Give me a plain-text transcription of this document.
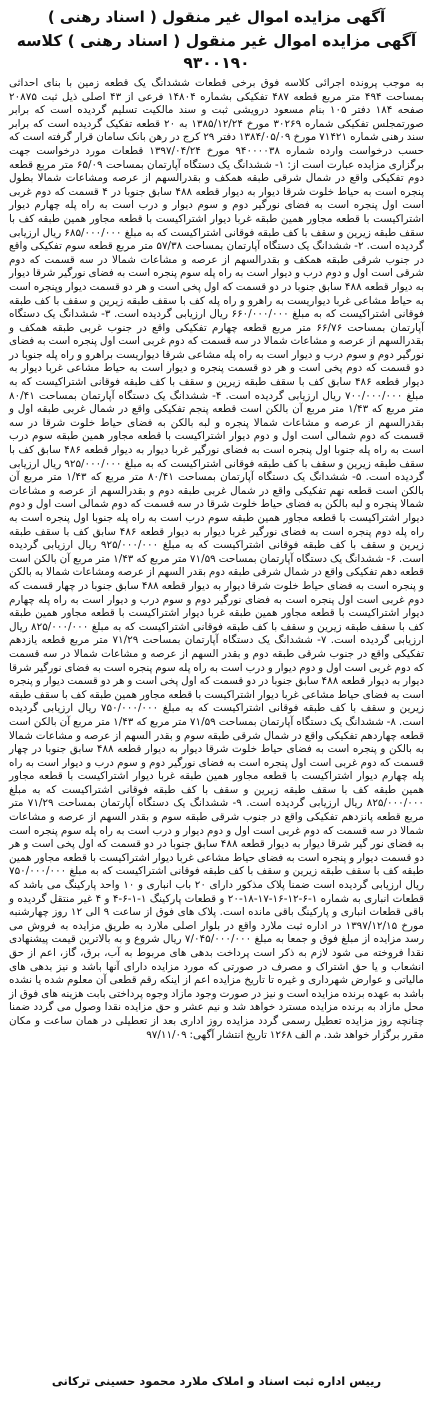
آگهی مزایده اموال غیر منقول ( اسناد رهنی )
آگهی مزایده اموال غیر منقول ( اسناد رهنی ) کلاسه ۹۳۰۰۱۹۰
به موجب پرونده اجرائی کلاسه فوق برخی قطعات ششدانگ یک قطعه زمین با بنای احداثی بمساحت ۴۹۴ متر مربع قطعه ۴۸۷ تفکیکی بشماره ۱۴۸۰۴ فرعی از ۴۳ اصلی ذیل ثبت ۲۰۸۷۵ صفحه ۱۸۴ دفتر ۱۰۵ بنام مسعود درویشی ثبت و سند مالکیت تسلیم گردیده است که برابر صورتمجلس تفکیکی شماره ۳۰۲۶۹ مورخ ۱۳۸۵/۱۲/۲۴ به ۲۰ قطعه تفکیک گردیده است که برابر سند رهنی شماره ۷۱۴۲۱ مورخ ۱۳۸۴/۰۵/۰۹ دفتر ۲۹ کرج در رهن بانک سامان قرار گرفته است که حسب درخواست وارده شماره ۹۴۰۰۰۰۳۸ مورخ ۱۳۹۷/۰۴/۲۴ قطعات مورد درخواست جهت برگزاری مزایده عبارت است از: ۱- ششدانگ یک دستگاه آپارتمان بمساحت ۶۵/۰۹ متر مربع قطعه دوم تفکیکی واقع در شمال شرقی طبقه همکف و بقدرالسهم از عرصه ومشاعات شمالا بطول پنجره است به حیاط خلوت شرقا دیوار به دیوار قطعه ۴۸۸ سابق جنوبا در ۴ قسمت که دوم غربی است اول پنجره است به فضای نورگیر دوم و سوم دیوار و درب است به راه پله چهارم دیوار اشتراکیست با قطعه مجاور همین طبقه غربا دیوار اشتراکیست با قطعه مجاور همین طبقه کف با سقف طبقه زیرین و سقف با کف طبقه فوقانی اشتراکیست که به مبلغ ۶۸۵/۰۰۰/۰۰۰ ریال ارزیابی گردیده است. ۲- ششدانگ یک دستگاه آپارتمان بمساحت ۵۷/۳۸ متر مربع قطعه سوم تفکیکی واقع در جنوب شرقی طبقه همکف و بقدرالسهم از عرصه و مشاعات شمالا در سه قسمت که دوم شرقی است اول و دوم درب و دیوار است به راه پله سوم پنجره است به فضای نورگیر شرقا دیوار به دیوار قطعه ۴۸۸ سابق جنوبا در دو قسمت که اول پخی است و هر دو قسمت دیوار وپنجره است به حیاط مشاعی غربا دیواریست به راهرو و راه پله کف با سقف طبقه زیرین و سقف با کف طبقه فوقانی اشتراکیست که به مبلغ ۶۶۰/۰۰۰/۰۰۰ ریال ارزیابی گردیده است. ۳- ششدانگ یک دستگاه آپارتمان بمساحت ۶۶/۷۶ متر مربع قطعه چهارم تفکیکی واقع در جنوب غربی طبقه همکف و بقدرالسهم از عرصه و مشاعات شمالا در سه قسمت که دوم غربی است اول پنجره است به فضای نورگیر دوم و سوم درب و دیوار است به راه پله مشاعی شرقا دیواریست براهرو و راه پله جنوبا در دو قسمت که دوم پخی است و هر دو قسمت پنجره و دیوار است به حیاط مشاعی غربا دیوار به دیوار قطعه ۴۸۶ سابق کف با سقف طبقه زیرین و سقف با کف طبقه فوقانی اشتراکیست که به مبلغ ۷۰۰/۰۰۰/۰۰۰ ریال ارزیابی گردیده است. ۴- ششدانگ یک دستگاه آپارتمان بمساحت ۸۰/۴۱ متر مربع که ۱/۴۳ متر مربع آن بالکن است قطعه پنجم تفکیکی واقع در شمال غربی طبقه اول و بقدرالسهم از عرصه و مشاعات شمالا پنجره و لبه بالکن به فضای حیاط خلوت شرقا در سه قسمت که دوم شمالی است اول و دوم دیوار اشتراکیست با قطعه مجاور همین طبقه سوم درب است به راه پله جنوبا اول پنجره است به فضای نورگیر غربا دیوار به دیوار قطعه ۴۸۶ سابق کف با سقف طبقه زیرین و سقف با کف طبقه فوقانی اشتراکیست که به مبلغ ۹۲۵/۰۰۰/۰۰۰ ریال ارزیابی گردیده است. ۵- ششدانگ یک دستگاه آپارتمان بمساحت ۸۰/۴۱ متر مربع که ۱/۴۳ متر مربع آن بالکن است قطعه نهم تفکیکی واقع در شمال غربی طبقه دوم و بقدرالسهم از عرصه و مشاعات شمالا پنجره و لبه بالکن به فضای حیاط خلوت شرقا در سه قسمت که دوم شمالی است اول و دوم دیوار اشتراکیست با قطعه مجاور همین طبقه سوم درب است به راه پله جنوبا اول پنجره است به راه پله دوم پنجره است به فضای نورگیر غربا دیوار به دیوار قطعه ۴۸۶ سابق کف با سقف طبقه زیرین و سقف با کف طبقه فوقانی اشتراکیست که به مبلغ ۹۲۵/۰۰۰/۰۰۰ ریال ارزیابی گردیده است. ۶- ششدانگ یک دستگاه آپارتمان بمساحت ۷۱/۵۹ متر مربع که ۱/۴۳ متر مربع آن بالکن است قطعه دهم تفکیکی واقع در شمال شرقی طبقه دوم بقدر السهم از عرصه ومشاعات شمالا به بالکن و پنجره است به فضای حیاط خلوت شرقا دیوار به دیوار قطعه ۴۸۸ سابق جنوبا در چهار قسمت که دوم غربی است اول پنجره است به فضای نورگیر دوم و سوم درب و دیوار است به راه پله چهارم دیوار اشتراکیست با قطعه مجاور همین طبقه غربا دیوار اشتراکیست با قطعه مجاور همین طبقه کف با سقف طبقه زیرین و سقف با کف طبقه فوقانی اشتراکیست که به مبلغ ۸۲۵/۰۰۰/۰۰۰ ریال ارزیابی گردیده است. ۷- ششدانگ یک دستگاه آپارتمان بمساحت ۷۱/۲۹ متر مربع قطعه یازدهم تفکیکی واقع در جنوب شرقی طبقه دوم و بقدر السهم از عرصه و مشاعات شمالا در سه قسمت که دوم غربی است اول و دوم دیوار و درب است به راه پله سوم پنجره است به فضای نورگیر شرقا دیوار به دیوار قطعه ۴۸۸ سابق جنوبا در دو قسمت که اول پخی است و هر دو قسمت دیوار و پنجره است به فضای حیاط مشاعی غربا دیوار اشتراکیست با قطعه مجاور همین طبقه کف با سقف طبقه زیرین و سقف با کف طبقه فوقانی اشتراکیست که به مبلغ ۷۵۰/۰۰۰/۰۰۰ ریال ارزیابی گردیده است. ۸- ششدانگ یک دستگاه آپارتمان بمساحت ۷۱/۵۹ متر مربع که ۱/۴۳ متر مربع آن بالکن است قطعه چهاردهم تفکیکی واقع در شمال شرقی طبقه سوم و بقدر السهم از عرصه و مشاعات شمالا به بالکن و پنجره است به فضای حیاط خلوت شرقا دیوار به دیوار قطعه ۴۸۸ سابق جنوبا در چهار قسمت که دوم غربی است اول پنجره است به فضای نورگیر دوم و سوم درب و دیوار است به راه پله چهارم دیوار اشتراکیست با قطعه مجاور همین طبقه غربا دیوار اشتراکیست با قطعه مجاور همین طبقه کف با سقف طبقه زیرین و سقف با کف طبقه فوقانی اشتراکیست که به مبلغ ۸۲۵/۰۰۰/۰۰۰ ریال ارزیابی گردیده است. ۹- ششدانگ یک دستگاه آپارتمان بمساحت ۷۱/۲۹ متر مربع قطعه پانزدهم تفکیکی واقع در جنوب شرقی طبقه سوم و بقدر السهم از عرصه و مشاعات شمالا در سه قسمت که دوم غربی است اول و دوم دیوار و درب است به راه پله سوم پنجره است به فضای نور گیر شرقا دیوار به دیوار قطعه ۴۸۸ سابق جنوبا در دو قسمت که اول پخی است و هر دو قسمت دیوار و پنجره است به فضای حیاط مشاعی غربا دیوار اشتراکیست با قطعه مجاور همین طبقه کف با سقف طبقه زیرین و سقف با کف طبقه فوقانی اشتراکیست که به مبلغ ۷۵۰/۰۰۰/۰۰۰ ریال ارزیابی گردیده است ضمنا پلاک مذکور دارای ۲۰ باب انباری و ۱۰ واحد پارکینگ می باشد که قطعات انباری به شماره ۱-۶-۱۲-۱۶-۱۷-۱۸-۲۰ و قطعات پارکینگ ۱-۱-۶-۴ و ۴ غیر منتقل گردیده و باقی قطعات انباری و پارکینگ باقی مانده است. پلاک های فوق از ساعت ۹ الی ۱۲ روز چهارشنبه مورخ ۱۳۹۷/۱۲/۱۵ در اداره ثبت ملارد واقع در بلوار اصلی ملارد به طریق مزایده به فروش می رسد مزایده از مبلغ فوق و جمعا به مبلغ ۷/۰۴۵/۰۰۰/۰۰۰ ریال شروع و به بالاترین قیمت پیشنهادی نقدا فروخته می شود لازم به ذکر است پرداخت بدهی های مربوط به آب، برق، گاز، اعم از حق انشعاب و یا حق اشتراک و مصرف در صورتی که مورد مزایده دارای آنها باشد و نیز بدهی های مالیاتی و عوارض شهرداری و غیره تا تاریخ مزایده اعم از اینکه رقم قطعی آن معلوم شده یا نشده باشد به عهده برنده مزایده است و نیز در صورت وجود مازاد وجوه پرداختی بابت هزینه های فوق از محل مازاد به برنده مزایده مسترد خواهد شد و نیم عشر و حق مزایده نقدا وصول می گردد ضمنا چنانچه روز مزایده تعطیل رسمی گردد مزایده روز اداری بعد از تعطیلی در همان ساعت و مکان مقرر برگزار خواهد شد. م الف ۱۲۶۸ تاریخ انتشار آگهی: ۹۷/۱۱/۰۹
رییس اداره ثبت اسناد و املاک ملارد محمود حسینی ترکانی
